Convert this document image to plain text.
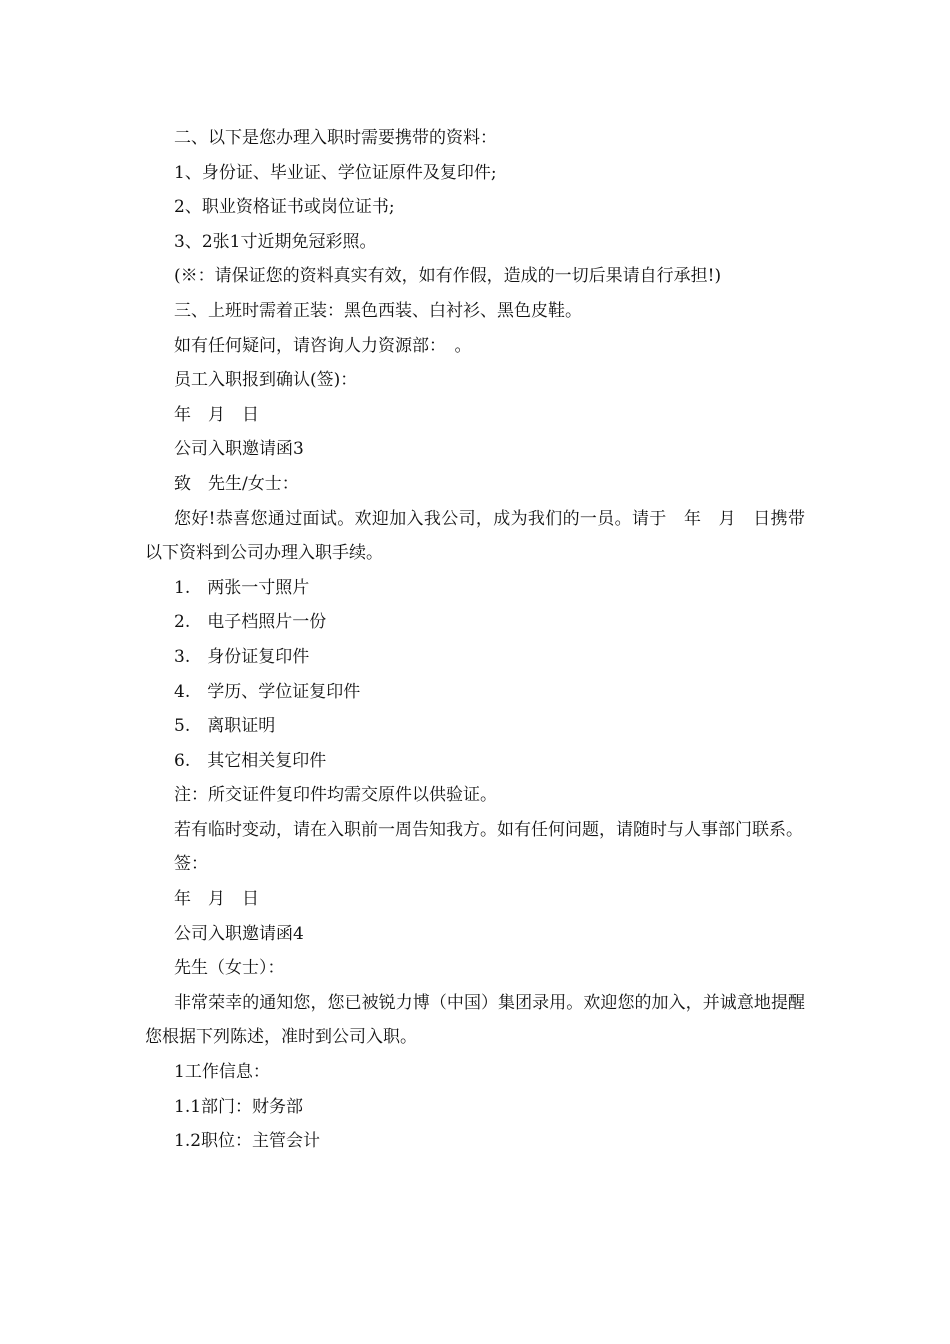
二、以下是您办理入职时需要携带的资料：

1、身份证、毕业证、学位证原件及复印件;

2、职业资格证书或岗位证书;

3、2张1寸近期免冠彩照。

(※：请保证您的资料真实有效，如有作假，造成的一切后果请自行承担!)

三、上班时需着正装：黑色西装、白衬衫、黑色皮鞋。

如有任何疑问，请咨询人力资源部：　。

员工入职报到确认(签)：

年　月　日

公司入职邀请函3

致　先生/女士：

您好!恭喜您通过面试。欢迎加入我公司，成为我们的一员。请于　年　月　日携带以下资料到公司办理入职手续。

1.　两张一寸照片

2.　电子档照片一份

3.　身份证复印件

4.　学历、学位证复印件

5.　离职证明

6.　其它相关复印件

注：所交证件复印件均需交原件以供验证。

若有临时变动，请在入职前一周告知我方。如有任何问题，请随时与人事部门联系。

签：

年　月　日

公司入职邀请函4

先生（女士）：

非常荣幸的通知您，您已被锐力博（中国）集团录用。欢迎您的加入，并诚意地提醒您根据下列陈述，准时到公司入职。

1工作信息：

1.1部门：财务部

1.2职位：主管会计
